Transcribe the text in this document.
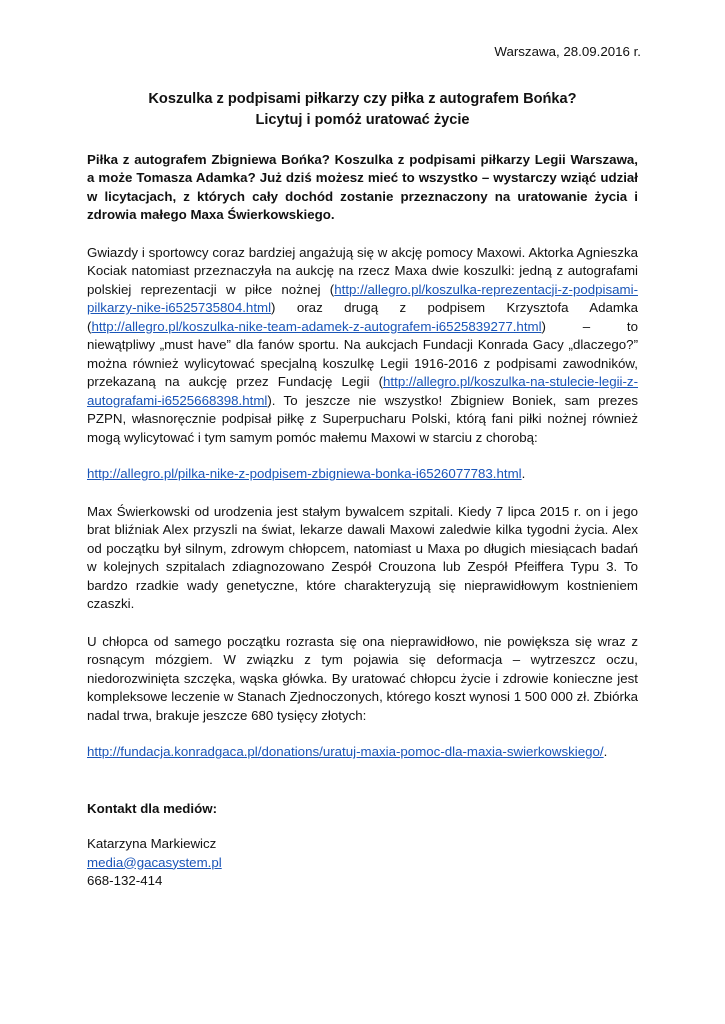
Warszawa, 28.09.2016 r.
Koszulka z podpisami piłkarzy czy piłka z autografem Bońka?
Licytuj i pomóż uratować życie

Piłka z autografem Zbigniewa Bońka? Koszulka z podpisami piłkarzy Legii Warszawa, a może Tomasza Adamka? Już dziś możesz mieć to wszystko – wystarczy wziąć udział w licytacjach, z których cały dochód zostanie przeznaczony na uratowanie życia i zdrowia małego Maxa Świerkowskiego.

Gwiazdy i sportowcy coraz bardziej angażują się w akcję pomocy Maxowi. Aktorka Agnieszka Kociak natomiast przeznaczyła na aukcję na rzecz Maxa dwie koszulki: jedną z autografami polskiej reprezentacji w piłce nożnej (http://allegro.pl/koszulka-reprezentacji-z-podpisami-pilkarzy-nike-i6525735804.html) oraz drugą z podpisem Krzysztofa Adamka (http://allegro.pl/koszulka-nike-team-adamek-z-autografem-i6525839277.html) – to niewątpliwy „must have” dla fanów sportu. Na aukcjach Fundacji Konrada Gacy „dlaczego?” można również wylicytować specjalną koszulkę Legii 1916-2016 z podpisami zawodników, przekazaną na aukcję przez Fundację Legii (http://allegro.pl/koszulka-na-stulecie-legii-z-autografami-i6525668398.html). To jeszcze nie wszystko! Zbigniew Boniek, sam prezes PZPN, własnoręcznie podpisał piłkę z Superpucharu Polski, którą fani piłki nożnej również mogą wylicytować i tym samym pomóc małemu Maxowi w starciu z chorobą:

http://allegro.pl/pilka-nike-z-podpisem-zbigniewa-bonka-i6526077783.html.

Max Świerkowski od urodzenia jest stałym bywalcem szpitali. Kiedy 7 lipca 2015 r. on i jego brat bliźniak Alex przyszli na świat, lekarze dawali Maxowi zaledwie kilka tygodni życia. Alex od początku był silnym, zdrowym chłopcem, natomiast u Maxa po długich miesiącach badań w kolejnych szpitalach zdiagnozowano Zespół Crouzona lub Zespół Pfeiffera Typu 3. To bardzo rzadkie wady genetyczne, które charakteryzują się nieprawidłowym kostnieniem czaszki.

U chłopca od samego początku rozrasta się ona nieprawidłowo, nie powiększa się wraz z rosnącym mózgiem. W związku z tym pojawia się deformacja – wytrzeszcz oczu, niedorozwinięta szczęka, wąska główka. By uratować chłopcu życie i zdrowie konieczne jest kompleksowe leczenie w Stanach Zjednoczonych, którego koszt wynosi 1 500 000 zł. Zbiórka nadal trwa, brakuje jeszcze 680 tysięcy złotych:

http://fundacja.konradgaca.pl/donations/uratuj-maxia-pomoc-dla-maxia-swierkowskiego/.

Kontakt dla mediów:

Katarzyna Markiewicz
media@gacasystem.pl
668-132-414
